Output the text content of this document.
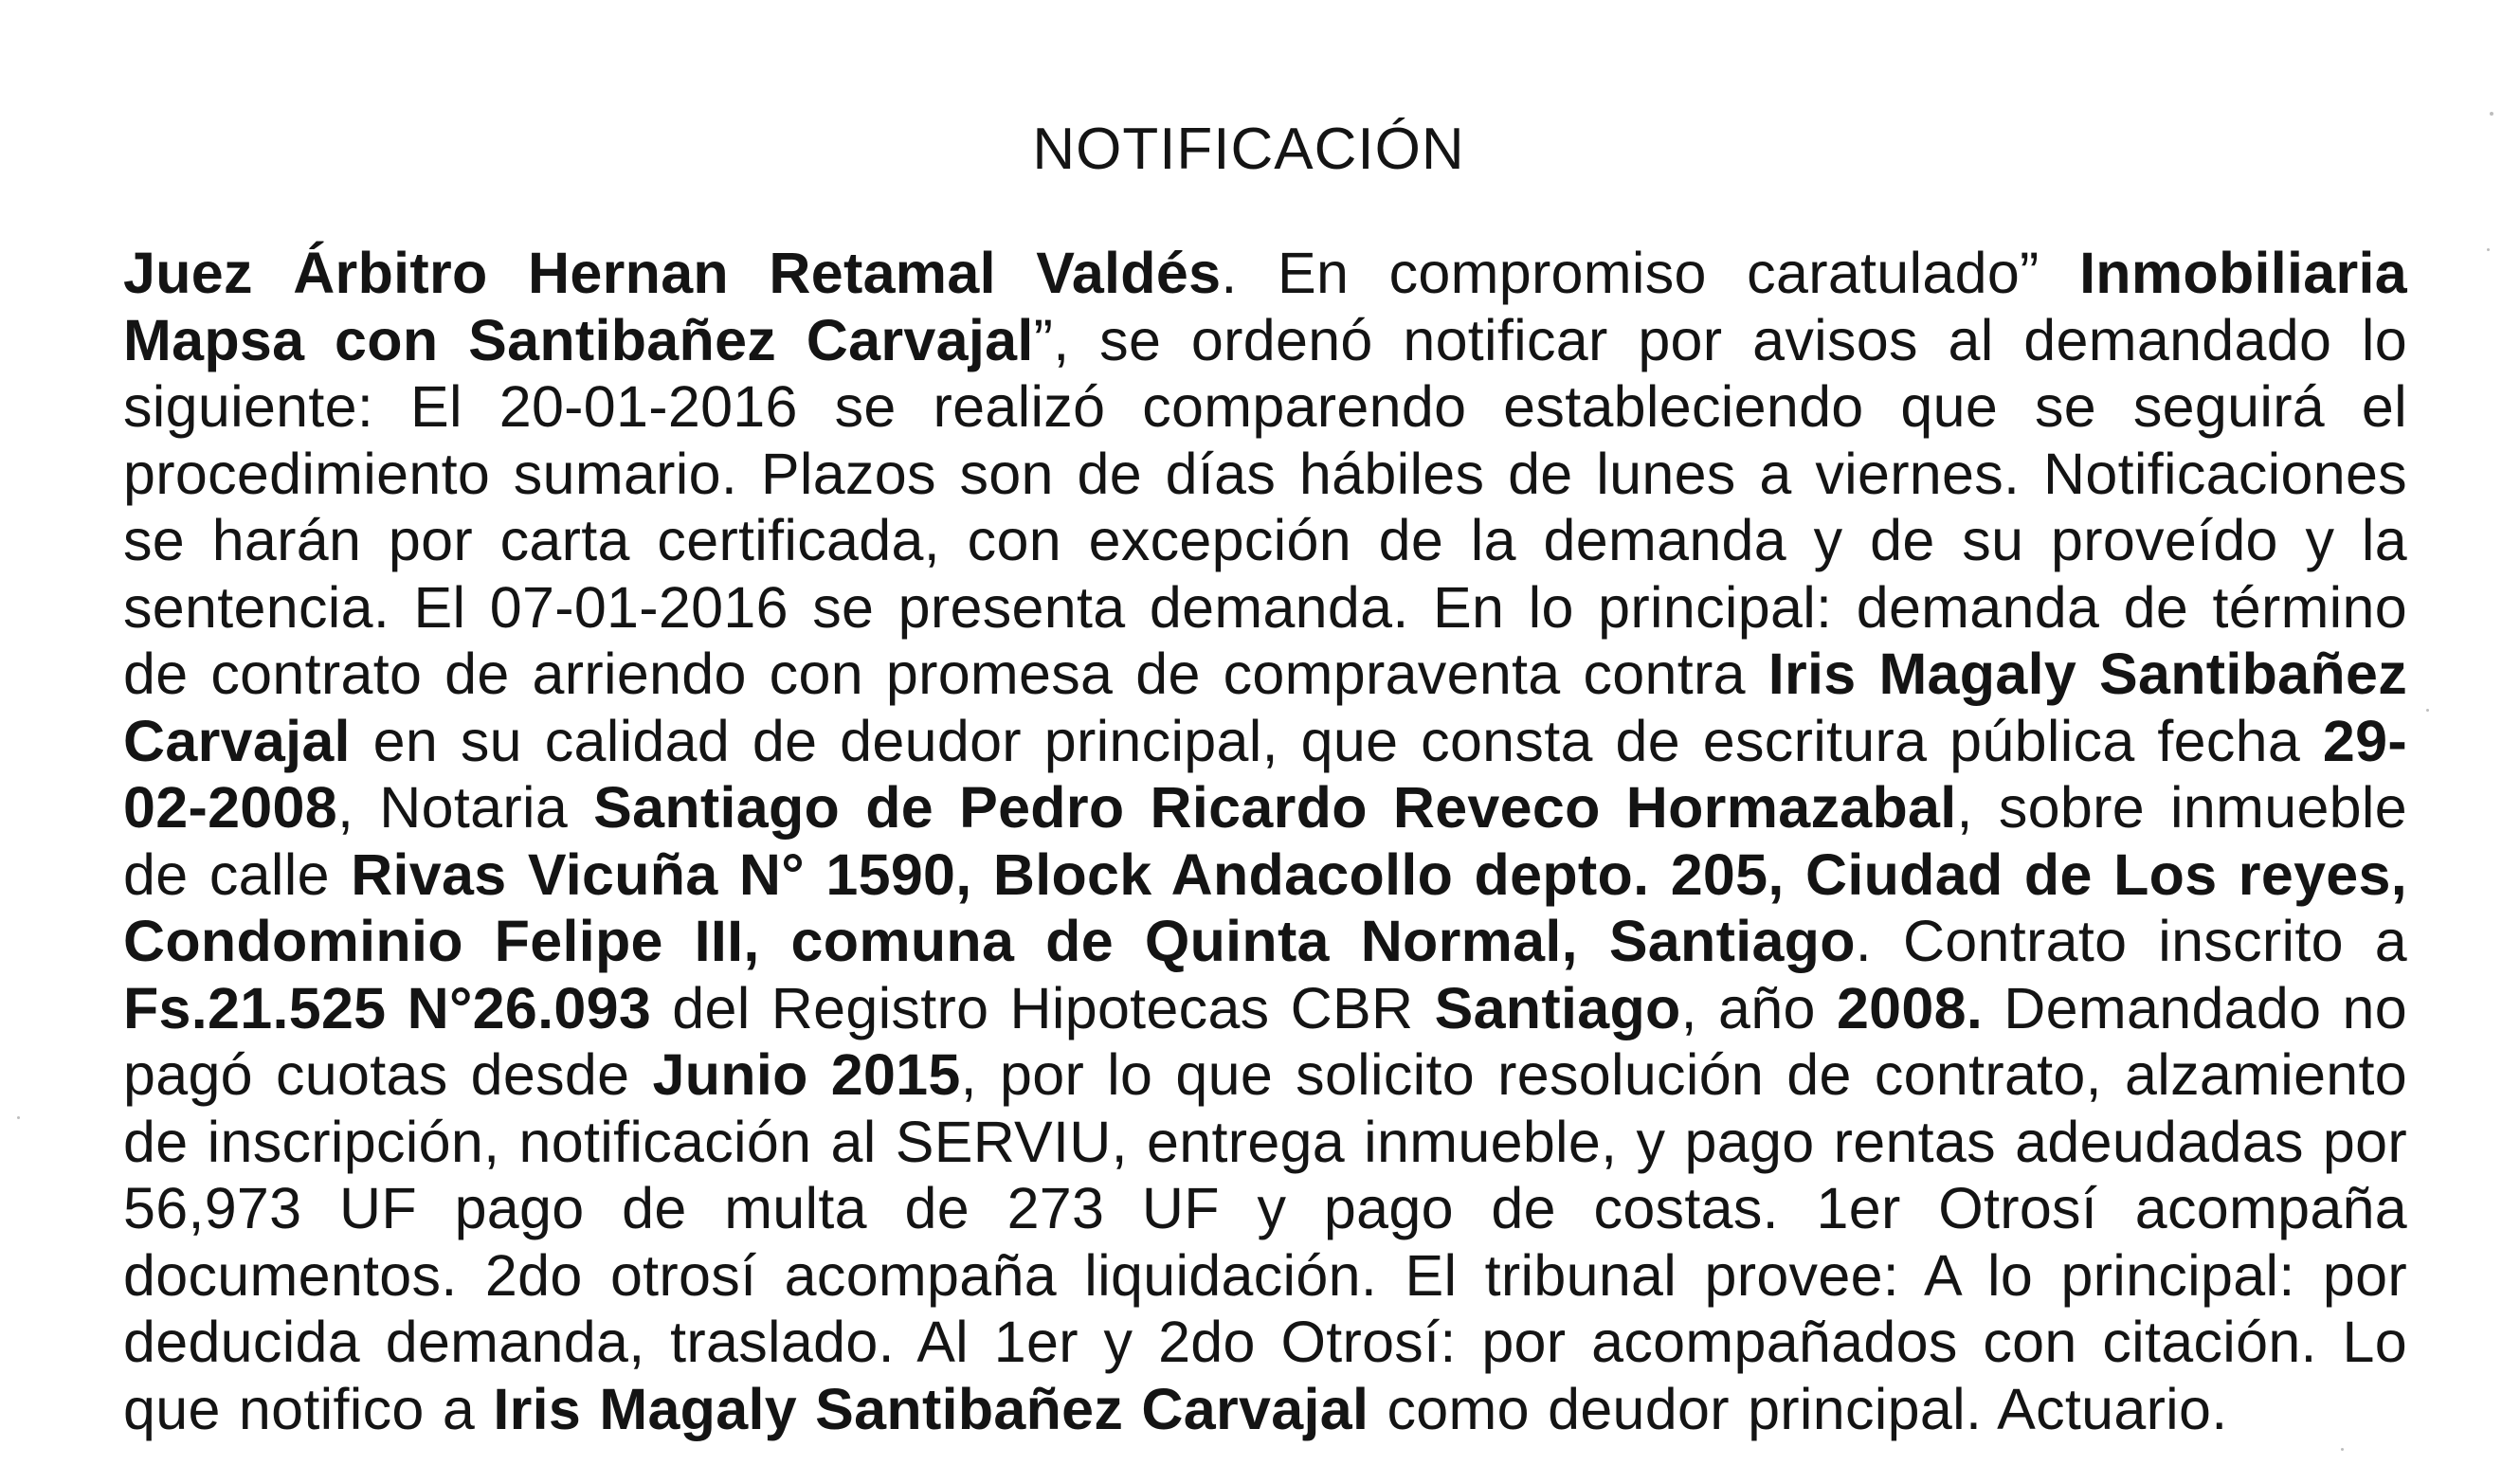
NOTIFICACIÓN

Juez Árbitro Hernan Retamal Valdés. En compromiso caratulado” Inmobiliaria Mapsa con Santibañez Carvajal”, se ordenó notificar por avisos al demandado lo siguiente: El 20-01-2016 se realizó comparendo estableciendo que se seguirá el procedimiento sumario. Plazos son de días hábiles de lunes a viernes. Notificaciones se harán por carta certificada, con excepción de la demanda y de su proveído y la sentencia. El 07-01-2016 se presenta demanda. En lo principal: demanda de término de contrato de arriendo con promesa de compraventa contra Iris Magaly Santibañez Carvajal en su calidad de deudor principal, que consta de escritura pública fecha 29-02-2008, Notaria Santiago de Pedro Ricardo Reveco Hormazabal, sobre inmueble de calle Rivas Vicuña N° 1590, Block Andacollo depto. 205, Ciudad de Los reyes, Condominio Felipe III, comuna de Quinta Normal, Santiago. Contrato inscrito a Fs.21.525 N°26.093 del Registro Hipotecas CBR Santiago, año 2008. Demandado no pagó cuotas desde Junio 2015, por lo que solicito resolución de contrato, alzamiento de inscripción, notificación al SERVIU, entrega inmueble, y pago rentas adeudadas por 56,973 UF pago de multa de 273 UF y pago de costas. 1er Otrosí acompaña documentos. 2do otrosí acompaña liquidación. El tribunal provee: A lo principal: por deducida demanda, traslado. Al 1er y 2do Otrosí: por acompañados con citación. Lo que notifico a Iris Magaly Santibañez Carvajal como deudor principal. Actuario.
